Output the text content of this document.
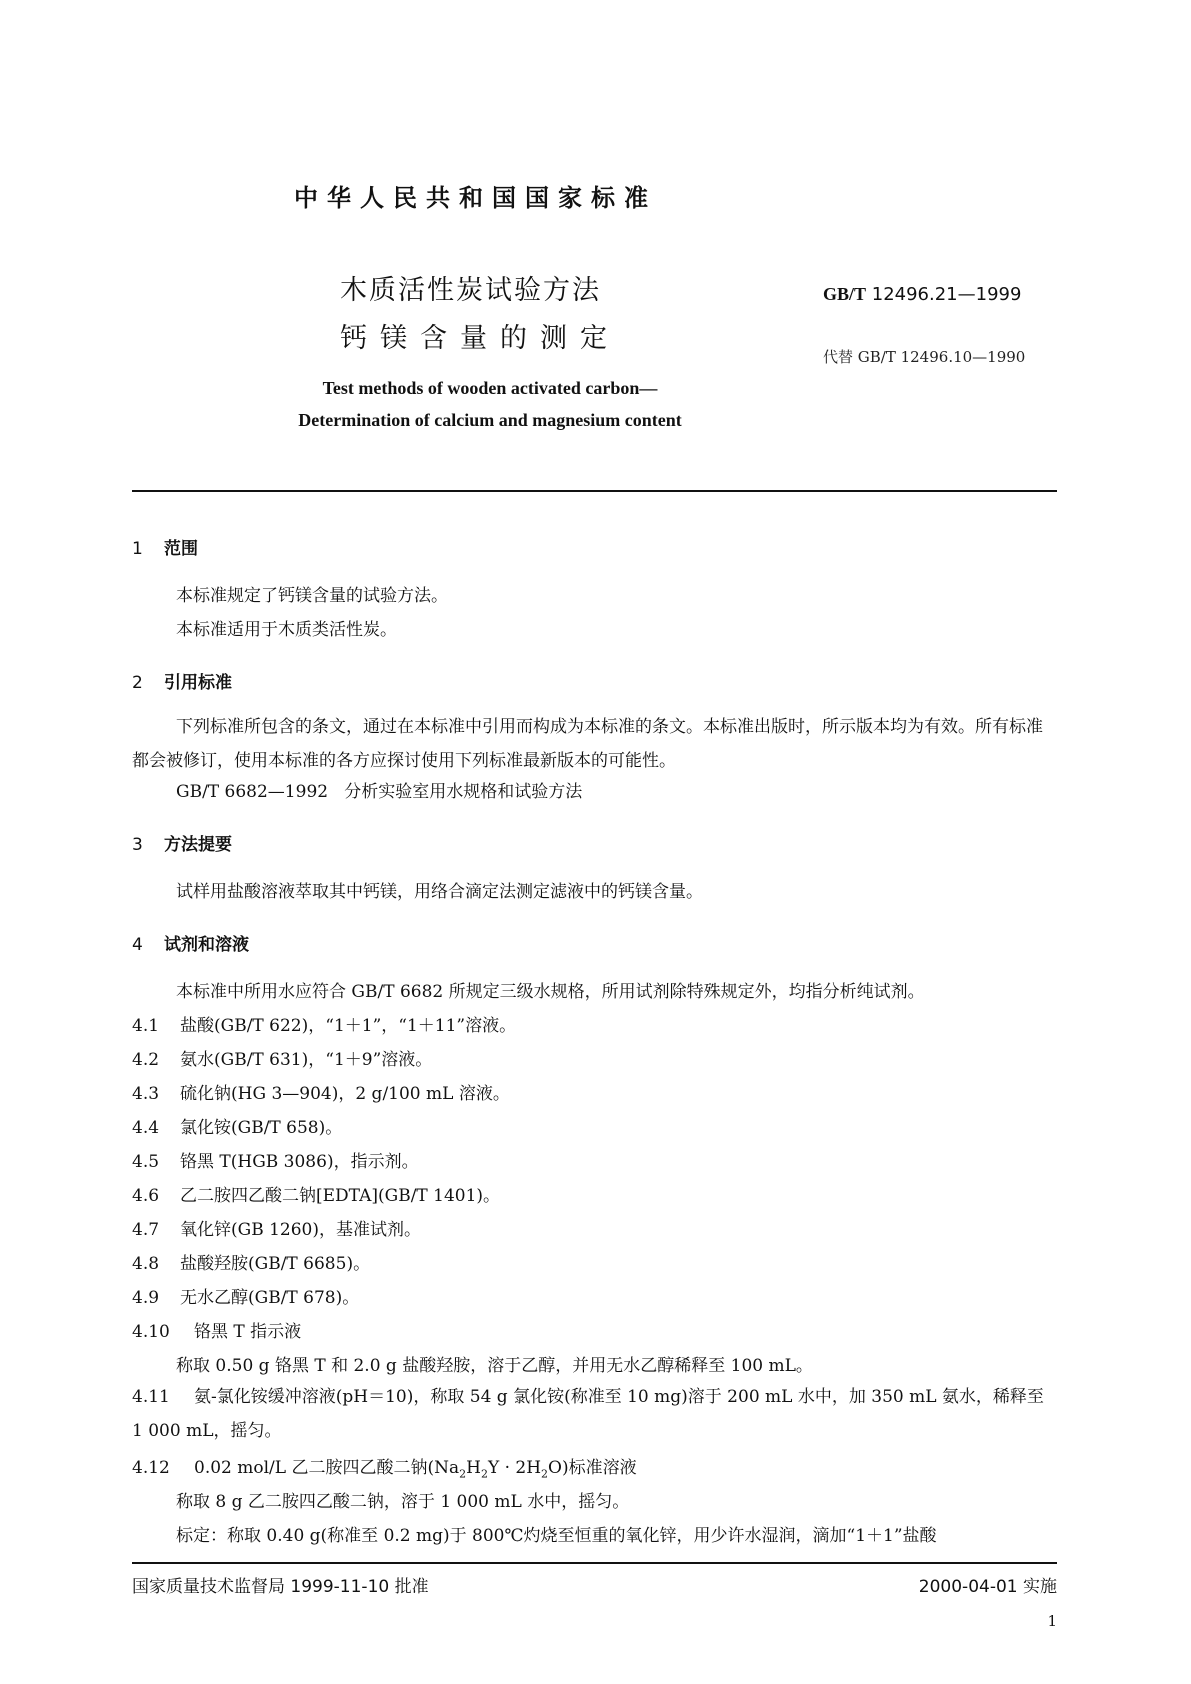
中华人民共和国国家标准
木质活性炭试验方法
钙镁含量的测定
GB/T 12496.21—1999
代替 GB/T 12496.10—1990
Test methods of wooden activated carbon—
Determination of calcium and magnesium content
1 范围
本标准规定了钙镁含量的试验方法。
本标准适用于木质类活性炭。
2 引用标准
下列标准所包含的条文，通过在本标准中引用而构成为本标准的条文。本标准出版时，所示版本均为有效。所有标准都会被修订，使用本标准的各方应探讨使用下列标准最新版本的可能性。
GB/T 6682—1992 分析实验室用水规格和试验方法
3 方法提要
试样用盐酸溶液萃取其中钙镁，用络合滴定法测定滤液中的钙镁含量。
4 试剂和溶液
本标准中所用水应符合 GB/T 6682 所规定三级水规格，所用试剂除特殊规定外，均指分析纯试剂。
4.1 盐酸(GB/T 622)，“1＋1”，“1＋11”溶液。
4.2 氨水(GB/T 631)，“1＋9”溶液。
4.3 硫化钠(HG 3—904)，2 g/100 mL 溶液。
4.4 氯化铵(GB/T 658)。
4.5 铬黑 T(HGB 3086)，指示剂。
4.6 乙二胺四乙酸二钠[EDTA](GB/T 1401)。
4.7 氧化锌(GB 1260)，基准试剂。
4.8 盐酸羟胺(GB/T 6685)。
4.9 无水乙醇(GB/T 678)。
4.10 铬黑 T 指示液
称取 0.50 g 铬黑 T 和 2.0 g 盐酸羟胺，溶于乙醇，并用无水乙醇稀释至 100 mL。
4.11 氨-氯化铵缓冲溶液(pH＝10)，称取 54 g 氯化铵(称准至 10 mg)溶于 200 mL 水中，加 350 mL 氨水，稀释至 1 000 mL，摇匀。
4.12 0.02 mol/L 乙二胺四乙酸二钠$(Na_2H_2Y \cdot 2H_2O)$标准溶液
称取 8 g 乙二胺四乙酸二钠，溶于 1 000 mL 水中，摇匀。
标定：称取 0.40 g(称准至 0.2 mg)于 800℃灼烧至恒重的氧化锌，用少许水湿润，滴加“1＋1”盐酸
国家质量技术监督局 1999-11-10 批准	2000-04-01 实施
1
